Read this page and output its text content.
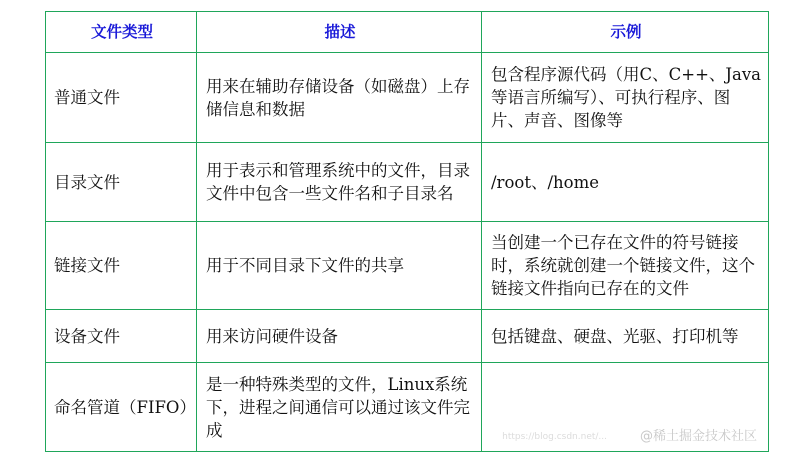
文件类型	描述	示例
普通文件	用来在辅助存储设备（如磁盘）上存储信息和数据	包含程序源代码（用C、C++、Java等语言所编写）、可执行程序、图片、声音、图像等
目录文件	用于表示和管理系统中的文件，目录文件中包含一些文件名和子目录名	/root、/home
链接文件	用于不同目录下文件的共享	当创建一个已存在文件的符号链接时，系统就创建一个链接文件，这个链接文件指向已存在的文件
设备文件	用来访问硬件设备	包括键盘、硬盘、光驱、打印机等
命名管道（FIFO）	是一种特殊类型的文件，Linux系统下，进程之间通信可以通过该文件完成		https://blog.csdn.net/...	@稀土掘金技术社区
